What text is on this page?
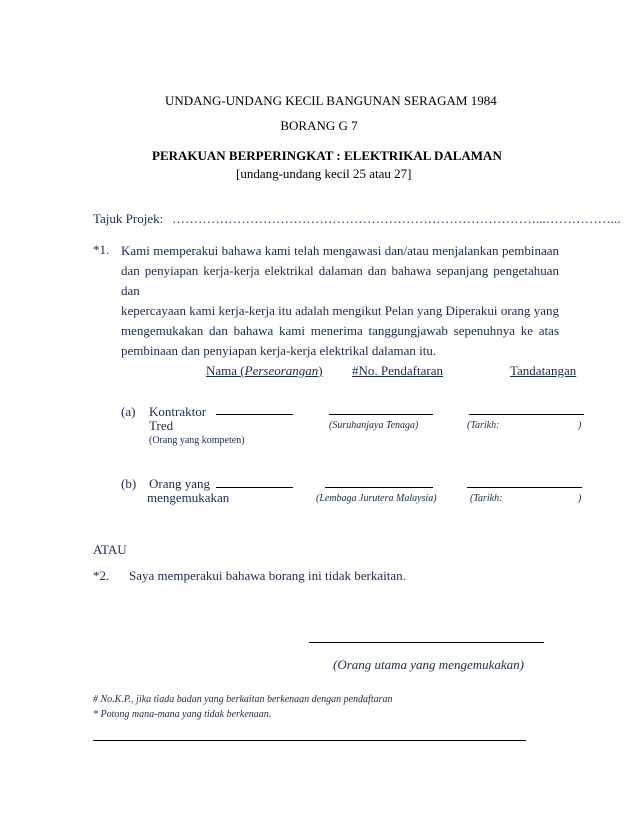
UNDANG-UNDANG KECIL BANGUNAN SERAGAM 1984
BORANG G 7
PERAKUAN BERPERINGKAT : ELEKTRIKAL DALAMAN
[undang-undang kecil 25 atau 27]
Tajuk Projek: …………………………………………………………………………...……………...
*1. Kami memperakui bahawa kami telah mengawasi dan/atau menjalankan pembinaan
dan penyiapan kerja-kerja elektrikal dalaman dan bahawa sepanjang pengetahuan dan
kepercayaan kami kerja-kerja itu adalah mengikut Pelan yang Diperakui orang yang
mengemukakan dan bahawa kami menerima tanggungjawab sepenuhnya ke atas
pembinaan dan penyiapan kerja-kerja elektrikal dalaman itu.
Nama (Perseorangan) #No. Pendaftaran	Tandatangan
(a) Kontraktor
Tred	(Suruhanjaya Tenaga)	(Tarikh:	)
(Orang yang kompeten)
(b) Orang yang
mengemukakan	(Lembaga Jurutera Malaysia)	(Tarikh:	)
ATAU
*2. Saya memperakui bahawa borang ini tidak berkaitan.
(Orang utama yang mengemukakan)
# No.K.P., jika tiada badan yang berkaitan berkenaan dengan pendaftaran
* Potong mana-mana yang tidak berkenaan.
